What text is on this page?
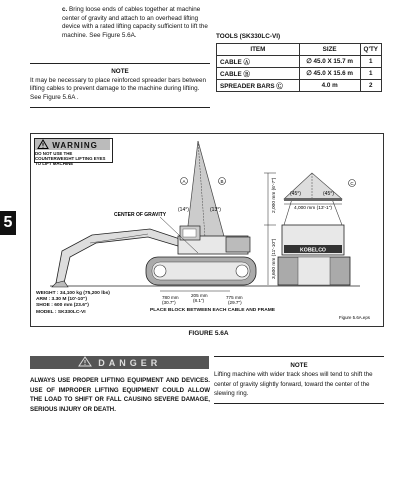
c. Bring loose ends of cables together at machine center of gravity and attach to an overhead lifting device with a rated lifting capacity sufficient to lift the machine. See Figure 5.6A.
NOTE
It may be necessary to place reinforced spreader bars between lifting cables to prevent damage to the machine during lifting. See Figure 5.6A .
TOOLS (SK330LC-VI)
ITEM	SIZE	Q'TY
CABLE Ⓐ	∅ 45.0 X 15.7 m	1
CABLE Ⓑ	∅ 45.0 X 15.6 m	1
SPREADER BARS Ⓒ	4.0 m	2
5
WARNING
DO NOT USE THE COUNTERWEIGHT LIFTING EYES TO LIFT MACHINE
KOBELCO
2,000 mm (6'-7")
3,600 mm (11'-10")
4,000 mm (13'-1")
A	B	C
(14°)	(13°)
(45°)	(45°)
CENTER OF GRAVITY
780 mm
(30.7")
205 mm
(8.1")
775 mm
(29.7")
Figure 5.6A.eps
PLACE BLOCK BETWEEN EACH CABLE AND FRAME
WEIGHT : 34,100 kg (75,200 lbs)
ARM : 3.30 M (10'-10")
SHOE : 600 mm (23.6")
MODEL : SK330LC-VI
FIGURE 5.6A
DANGER
ALWAYS USE PROPER LIFTING EQUIPMENT AND DEVICES. USE OF IMPROPER LIFTING EQUIPMENT COULD ALLOW THE LOAD TO SHIFT OR FALL CAUSING SEVERE DAMAGE, SERIOUS INJURY OR DEATH.
NOTE
Lifting machine with wider track shoes will tend to shift the center of gravity slightly forward, toward the center of the slewing ring.
